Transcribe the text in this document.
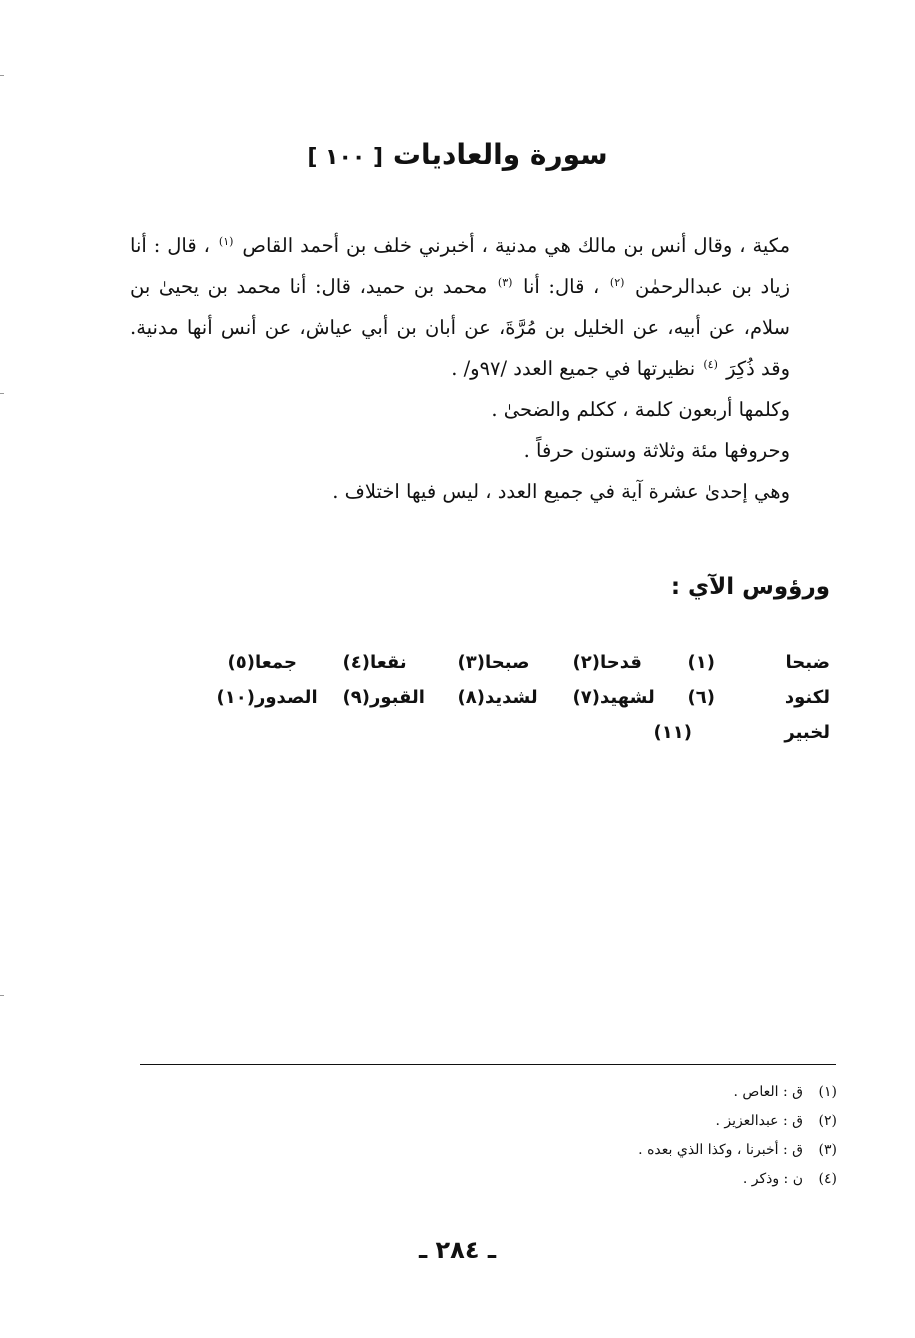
سورة والعاديات [ ١٠٠ ]

مكية ، وقال أنس بن مالك هي مدنية ، أخبرني خلف بن أحمد القاص $^{(١)}$ ، قال : أنا زياد بن عبدالرحمٰن $^{(٢)}$ ، قال: أنا $^{(٣)}$ محمد بن حميد، قال: أنا محمد بن يحيىٰ بن سلام، عن أبيه، عن الخليل بن مُرَّةَ، عن أبان بن أبي عياش، عن أنس أنها مدنية. وقد ذُكِرَ $^{(٤)}$ نظيرتها في جميع العدد /٩٧و/ .

وكلمها أربعون كلمة ، ككلم والضحىٰ .

وحروفها مئة وثلاثة وستون حرفاً .

وهي إحدىٰ عشرة آية في جميع العدد ، ليس فيها اختلاف .

ورؤوس الآي :
ضبحا
(١)
قدحا
(٢)
صبحا
(٣)
نقعا
(٤)
جمعا
(٥)
لكنود
(٦)
لشهيد
(٧)
لشديد
(٨)
القبور
(٩)
الصدور
(١٠)
لخبير
(١١)
(١)
ق : العاص .
(٢)
ق : عبدالعزيز .
(٣)
ق : أخبرنا ، وكذا الذي بعده .
(٤)
ن : وذكر .
ـ ٢٨٤ ـ
